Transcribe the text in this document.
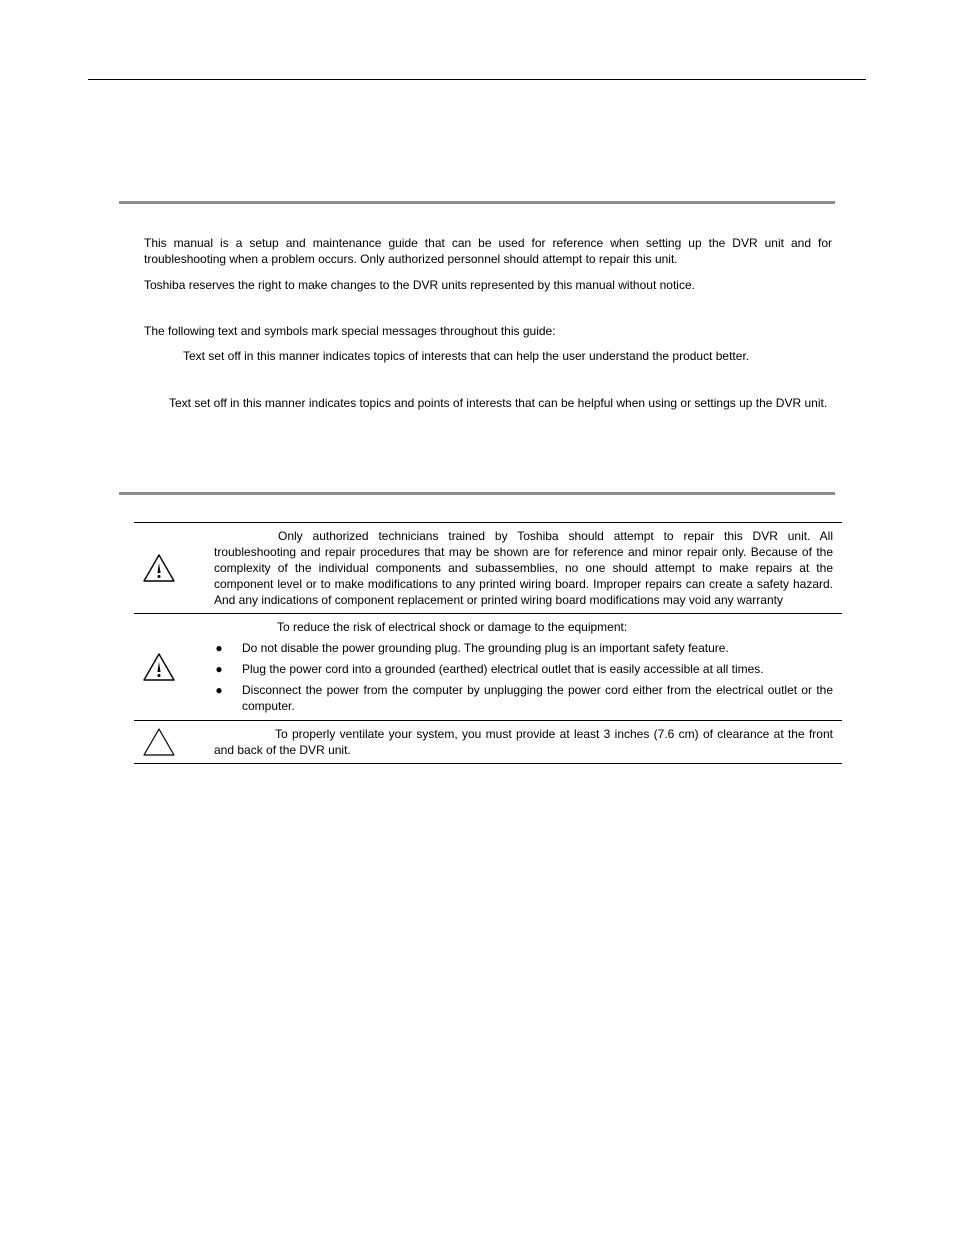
This manual is a setup and maintenance guide that can be used for reference when setting up the DVR unit and for troubleshooting when a problem occurs. Only authorized personnel should attempt to repair this unit.

Toshiba reserves the right to make changes to the DVR units represented by this manual without notice.

The following text and symbols mark special messages throughout this guide:

Text set off in this manner indicates topics of interests that can help the user understand the product better.

Text set off in this manner indicates topics and points of interests that can be helpful when using or settings up the DVR unit.

Only authorized technicians trained by Toshiba should attempt to repair this DVR unit. All troubleshooting and repair procedures that may be shown are for reference and minor repair only. Because of the complexity of the individual components and subassemblies, no one should attempt to make repairs at the component level or to make modifications to any printed wiring board. Improper repairs can create a safety hazard. And any indications of component replacement or printed wiring board modifications may void any warranty
To reduce the risk of electrical shock or damage to the equipment:
● Do not disable the power grounding plug. The grounding plug is an important safety feature.
● Plug the power cord into a grounded (earthed) electrical outlet that is easily accessible at all times.
● Disconnect the power from the computer by unplugging the power cord either from the electrical outlet or the computer.
To properly ventilate your system, you must provide at least 3 inches (7.6 cm) of clearance at the front and back of the DVR unit.
